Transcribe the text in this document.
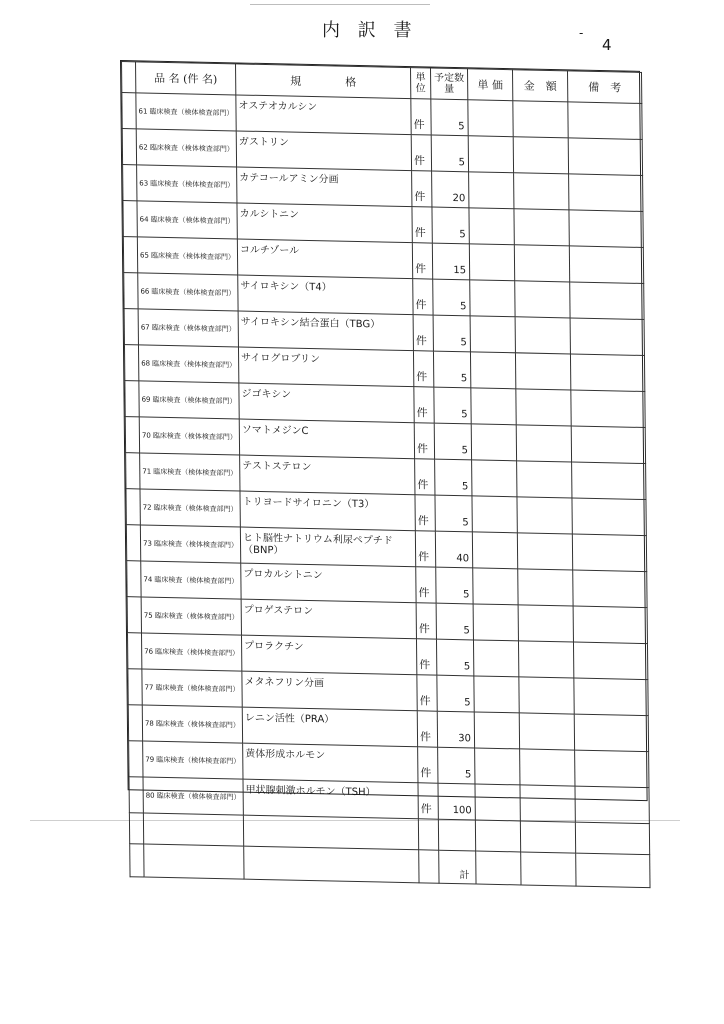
内 訳 書	-
4
	品 名 (件 名)	規　　　　格	単位	予定数量	単 価	金　額	備　考
	61 臨床検査（検体検査部門）	オステオカルシン	件	5			
	62 臨床検査（検体検査部門）	ガストリン	件	5			
	63 臨床検査（検体検査部門）	カテコールアミン分画	件	20			
	64 臨床検査（検体検査部門）	カルシトニン	件	5			
	65 臨床検査（検体検査部門）	コルチゾール	件	15			
	66 臨床検査（検体検査部門）	サイロキシン（T4）	件	5			
	67 臨床検査（検体検査部門）	サイロキシン結合蛋白（TBG）	件	5			
	68 臨床検査（検体検査部門）	サイログロブリン	件	5			
	69 臨床検査（検体検査部門）	ジゴキシン	件	5			
	70 臨床検査（検体検査部門）	ソマトメジンC	件	5			
	71 臨床検査（検体検査部門）	テストステロン	件	5			
	72 臨床検査（検体検査部門）	トリヨードサイロニン（T3）	件	5			
	73 臨床検査（検体検査部門）	ヒト脳性ナトリウム利尿ペプチド（BNP）	件	40			
	74 臨床検査（検体検査部門）	プロカルシトニン	件	5			
	75 臨床検査（検体検査部門）	プロゲステロン	件	5			
	76 臨床検査（検体検査部門）	プロラクチン	件	5			
	77 臨床検査（検体検査部門）	メタネフリン分画	件	5			
	78 臨床検査（検体検査部門）	レニン活性（PRA）	件	30			
	79 臨床検査（検体検査部門）	黄体形成ホルモン	件	5			
	80 臨床検査（検体検査部門）	甲状腺刺激ホルモン（TSH）	件	100			

				計			
